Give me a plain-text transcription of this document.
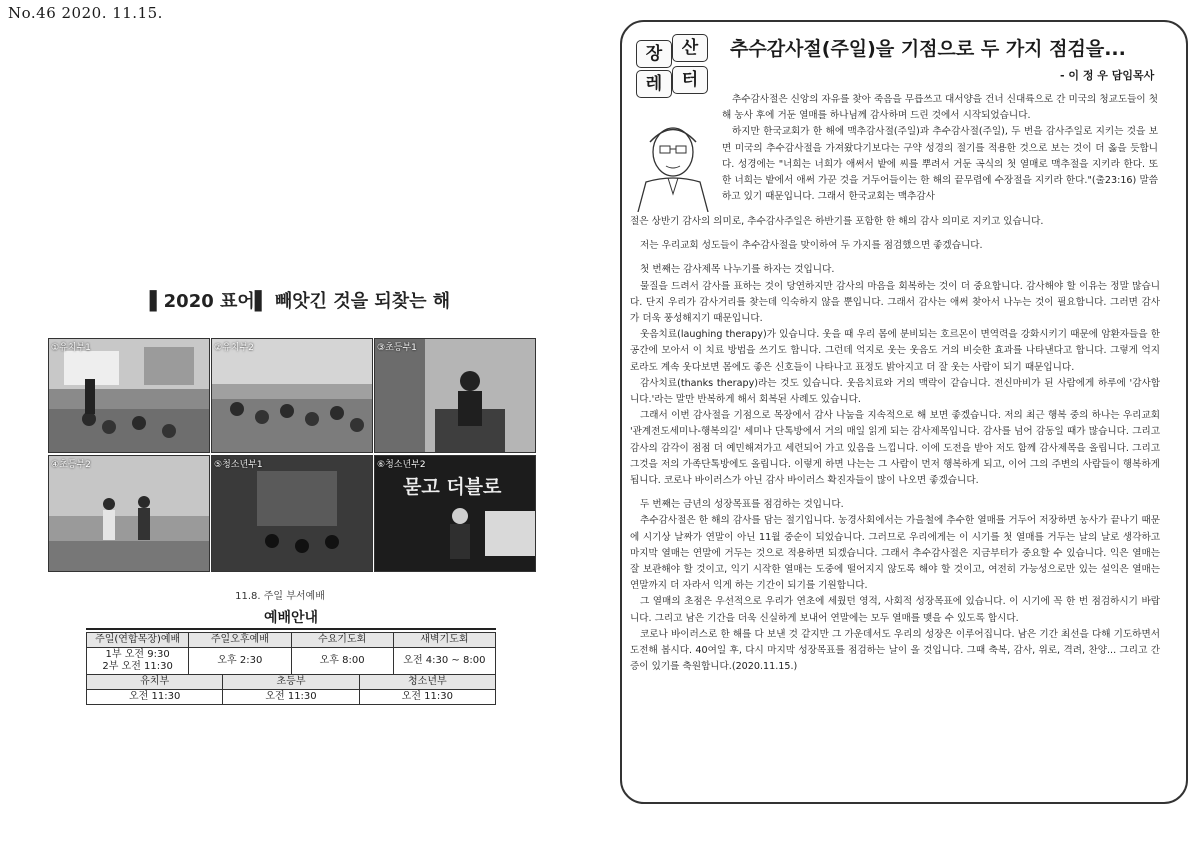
No.46 2020. 11.15.
▌2020 표어▌ 빼앗긴 것을 되찾는 해
①유치부1	②유치부2	③초등부1
④초등부2	⑤청소년부1
묻고 더블로
⑥청소년부2
11.8. 주일 부서예배
예배안내
주일(연합목장)예배	주일오후예배	수요기도회	새벽기도회

1부 오전 9:30
2부 오전 11:30	오후 2:30	오후 8:00	오전 4:30 ~ 8:00
유치부	초등부	청소년부
오전 11:30	오전 11:30	오전 11:30
장	산
레	터
추수감사절(주일)을 기점으로 두 가지 점검을...
- 이 정 우 담임목사

추수감사절은 신앙의 자유를 찾아 죽음을 무릅쓰고 대서양을 건너 신대륙으로 간 미국의 청교도들이 첫 해 농사 후에 거둔 열매를 하나님께 감사하며 드린 것에서 시작되었습니다.

하지만 한국교회가 한 해에 맥추감사절(주일)과 추수감사절(주일), 두 번을 감사주일로 지키는 것을 보면 미국의 추수감사절을 가져왔다기보다는 구약 성경의 절기를 적용한 것으로 보는 것이 더 옳을 듯합니다. 성경에는 "너희는 너희가 애써서 밭에 씨를 뿌려서 거둔 곡식의 첫 열매로 맥추절을 지키라 한다. 또한 너희는 밭에서 애써 가꾼 것을 거두어들이는 한 해의 끝무렵에 수장절을 지키라 한다."(출23:16) 말씀하고 있기 때문입니다. 그래서 한국교회는 맥추감사

절은 상반기 감사의 의미로, 추수감사주일은 하반기를 포함한 한 해의 감사 의미로 지키고 있습니다.

저는 우리교회 성도들이 추수감사절을 맞이하여 두 가지를 점검했으면 좋겠습니다.

첫 번째는 감사제목 나누기를 하자는 것입니다.

물질을 드려서 감사를 표하는 것이 당연하지만 감사의 마음을 회복하는 것이 더 중요합니다. 감사해야 할 이유는 정말 많습니다. 단지 우리가 감사거리를 찾는데 익숙하지 않을 뿐입니다. 그래서 감사는 애써 찾아서 나누는 것이 필요합니다. 그러면 감사가 더욱 풍성해지기 때문입니다.

웃음치료(laughing therapy)가 있습니다. 웃을 때 우리 몸에 분비되는 호르몬이 면역력을 강화시키기 때문에 암환자들을 한 공간에 모아서 이 치료 방법을 쓰기도 합니다. 그런데 억지로 웃는 웃음도 거의 비슷한 효과를 나타낸다고 합니다. 그렇게 억지로라도 계속 웃다보면 몸에도 좋은 신호들이 나타나고 표정도 밝아지고 더 잘 웃는 사람이 되기 때문입니다.

감사치료(thanks therapy)라는 것도 있습니다. 웃음치료와 거의 맥락이 같습니다. 전신마비가 된 사람에게 하루에 '감사합니다.'라는 말만 반복하게 해서 회복된 사례도 있습니다.

그래서 이번 감사절을 기점으로 목장에서 감사 나눔을 지속적으로 해 보면 좋겠습니다. 저의 최근 행복 중의 하나는 우리교회 '관계전도세미나-행복의길' 세미나 단톡방에서 거의 매일 읽게 되는 감사제목입니다. 감사를 넘어 감동일 때가 많습니다. 그리고 감사의 감각이 점점 더 예민해져가고 세련되어 가고 있음을 느낍니다. 이에 도전을 받아 저도 함께 감사제목을 올립니다. 그리고 그것을 저의 가족단톡방에도 올립니다. 이렇게 하면 나는는 그 사람이 먼저 행복하게 되고, 이어 그의 주변의 사람들이 행복하게 됩니다. 코로나 바이러스가 아닌 감사 바이러스 확진자들이 많이 나오면 좋겠습니다.

두 번째는 금년의 성장목표를 점검하는 것입니다.

추수감사절은 한 해의 감사를 담는 절기입니다. 농경사회에서는 가을철에 추수한 열매를 거두어 저장하면 농사가 끝나기 때문에 시기상 날짜가 연말이 아닌 11월 중순이 되었습니다. 그러므로 우리에게는 이 시기를 첫 열매를 거두는 날의 날로 생각하고 마지막 열매는 연말에 거두는 것으로 적용하면 되겠습니다. 그래서 추수감사절은 지금부터가 중요할 수 있습니다. 익은 열매는 잘 보관해야 할 것이고, 익기 시작한 열매는 도중에 떨어지지 않도록 해야 할 것이고, 여전히 가능성으로만 있는 설익은 열매는 연말까지 더 자라서 익게 하는 기간이 되기를 기원합니다.

그 열매의 초점은 우선적으로 우리가 연초에 세웠던 영적, 사회적 성장목표에 있습니다. 이 시기에 꼭 한 번 점검하시기 바랍니다. 그리고 남은 기간을 더욱 신실하게 보내어 연말에는 모두 열매를 맺을 수 있도록 합시다.

코로나 바이러스로 한 해를 다 보낸 것 같지만 그 가운데서도 우리의 성장은 이루어집니다. 남은 기간 최선을 다해 기도하면서 도전해 봅시다. 40여일 후, 다시 마지막 성장목표를 점검하는 날이 올 것입니다. 그때 축복, 감사, 위로, 격려, 찬양... 그리고 간증이 있기를 축원합니다.(2020.11.15.)
